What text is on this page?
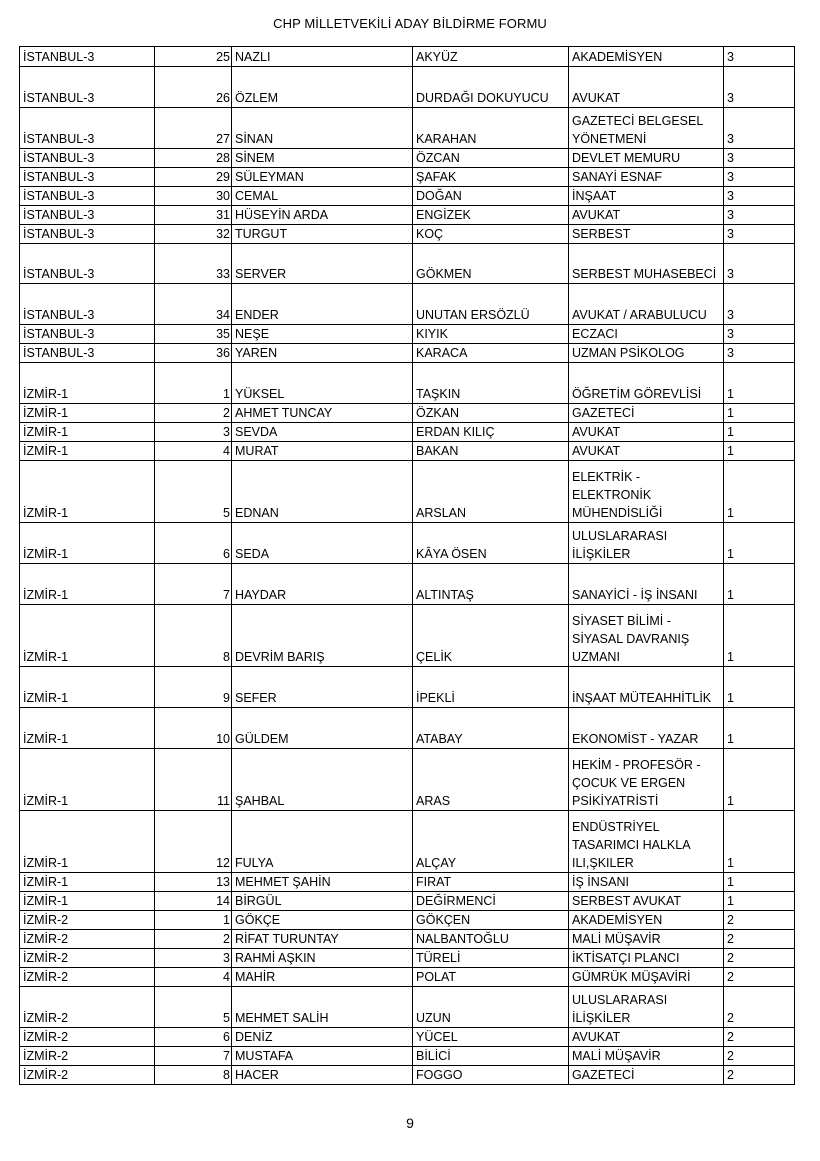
CHP MİLLETVEKİLİ ADAY BİLDİRME FORMU
İSTANBUL-3	25	NAZLI	AKYÜZ	AKADEMİSYEN	3
İSTANBUL-3	26	ÖZLEM	DURDAĞI DOKUYUCU	AVUKAT	3
İSTANBUL-3	27	SİNAN	KARAHAN	GAZETECİ BELGESEL YÖNETMENİ	3
İSTANBUL-3	28	SİNEM	ÖZCAN	DEVLET MEMURU	3
İSTANBUL-3	29	SÜLEYMAN	ŞAFAK	SANAYİ ESNAF	3
İSTANBUL-3	30	CEMAL	DOĞAN	İNŞAAT	3
İSTANBUL-3	31	HÜSEYİN ARDA	ENGİZEK	AVUKAT	3
İSTANBUL-3	32	TURGUT	KOÇ	SERBEST	3
İSTANBUL-3	33	SERVER	GÖKMEN	SERBEST MUHASEBECİ	3
İSTANBUL-3	34	ENDER	UNUTAN ERSÖZLÜ	AVUKAT / ARABULUCU	3
İSTANBUL-3	35	NEŞE	KIYIK	ECZACI	3
İSTANBUL-3	36	YAREN	KARACA	UZMAN PSİKOLOG	3
İZMİR-1	1	YÜKSEL	TAŞKIN	ÖĞRETİM GÖREVLİSİ	1
İZMİR-1	2	AHMET TUNCAY	ÖZKAN	GAZETECİ	1
İZMİR-1	3	SEVDA	ERDAN KILIÇ	AVUKAT	1
İZMİR-1	4	MURAT	BAKAN	AVUKAT	1
İZMİR-1	5	EDNAN	ARSLAN	ELEKTRİK - ELEKTRONİK MÜHENDİSLİĞİ	1
İZMİR-1	6	SEDA	KÂYA ÖSEN	ULUSLARARASI İLİŞKİLER	1
İZMİR-1	7	HAYDAR	ALTINTAŞ	SANAYİCİ - İŞ İNSANI	1
İZMİR-1	8	DEVRİM BARIŞ	ÇELİK	SİYASET BİLİMİ - SİYASAL DAVRANIŞ UZMANI	1
İZMİR-1	9	SEFER	İPEKLİ	İNŞAAT MÜTEAHHİTLİK	1
İZMİR-1	10	GÜLDEM	ATABAY	EKONOMİST - YAZAR	1
İZMİR-1	11	ŞAHBAL	ARAS	HEKİM - PROFESÖR - ÇOCUK VE ERGEN PSİKİYATRİSTİ	1
İZMİR-1	12	FULYA	ALÇAY	ENDÜSTRİYEL TASARIMCI HALKLA ILI,ŞKILER	1
İZMİR-1	13	MEHMET ŞAHİN	FIRAT	İŞ İNSANI	1
İZMİR-1	14	BİRGÜL	DEĞİRMENCİ	SERBEST AVUKAT	1
İZMİR-2	1	GÖKÇE	GÖKÇEN	AKADEMİSYEN	2
İZMİR-2	2	RİFAT TURUNTAY	NALBANTOĞLU	MALİ MÜŞAVİR	2
İZMİR-2	3	RAHMİ AŞKIN	TÜRELİ	İKTİSATÇI PLANCI	2
İZMİR-2	4	MAHİR	POLAT	GÜMRÜK MÜŞAVİRİ	2
İZMİR-2	5	MEHMET SALİH	UZUN	ULUSLARARASI İLİŞKİLER	2
İZMİR-2	6	DENİZ	YÜCEL	AVUKAT	2
İZMİR-2	7	MUSTAFA	BİLİCİ	MALİ MÜŞAVİR	2
İZMİR-2	8	HACER	FOGGO	GAZETECİ	2
9
